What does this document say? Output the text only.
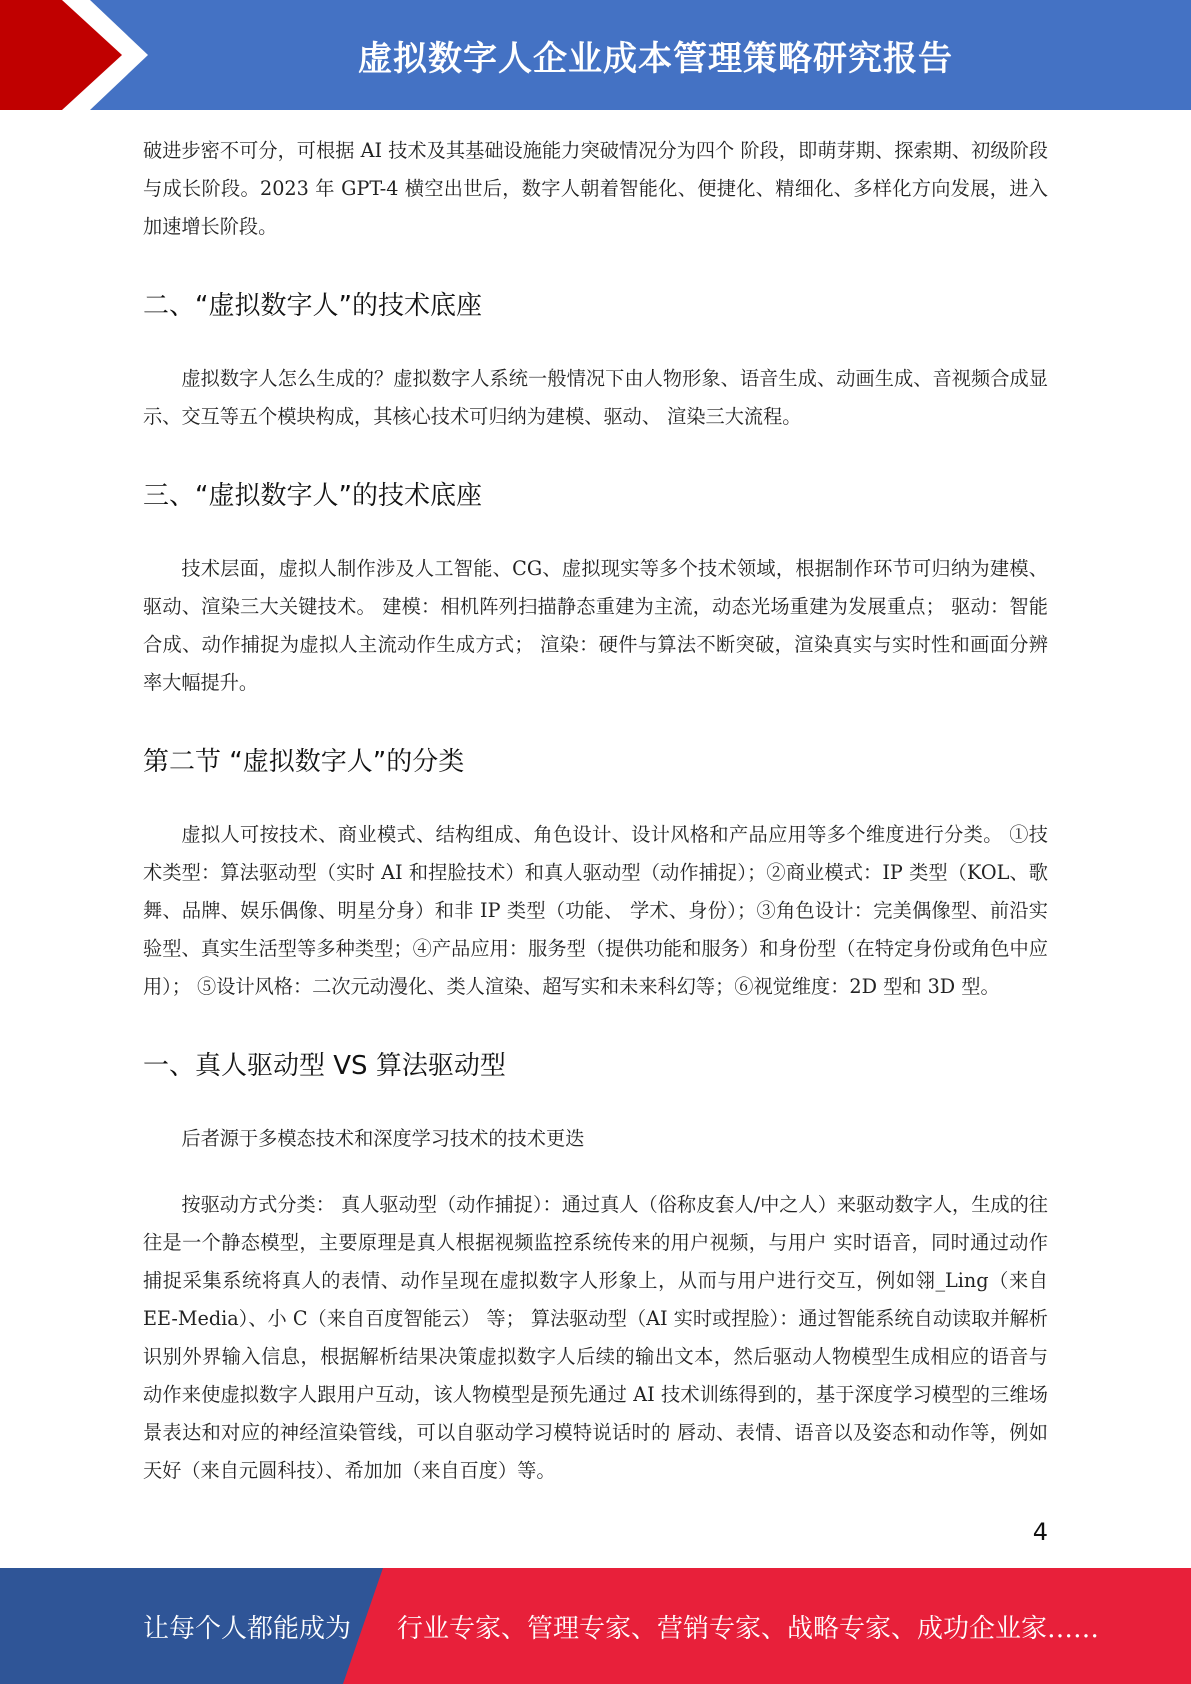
虚拟数字人企业成本管理策略研究报告

破进步密不可分，可根据 AI 技术及其基础设施能力突破情况分为四个 阶段，即萌芽期、探索期、初级阶段与成长阶段。2023 年 GPT-4 横空出世后，数字人朝着智能化、便捷化、精细化、多样化方向发展，进入加速增长阶段。

二、“虚拟数字人”的技术底座

虚拟数字人怎么生成的？虚拟数字人系统一般情况下由人物形象、语音生成、动画生成、音视频合成显示、交互等五个模块构成，其核心技术可归纳为建模、驱动、 渲染三大流程。

三、“虚拟数字人”的技术底座

技术层面，虚拟人制作涉及人工智能、CG、虚拟现实等多个技术领域，根据制作环节可归纳为建模、驱动、渲染三大关键技术。 建模：相机阵列扫描静态重建为主流，动态光场重建为发展重点； 驱动：智能合成、动作捕捉为虚拟人主流动作生成方式； 渲染：硬件与算法不断突破，渲染真实与实时性和画面分辨率大幅提升。

第二节 “虚拟数字人”的分类

虚拟人可按技术、商业模式、结构组成、角色设计、设计风格和产品应用等多个维度进行分类。 ①技术类型：算法驱动型（实时 AI 和捏脸技术）和真人驱动型（动作捕捉）；②商业模式：IP 类型（KOL、歌舞、品牌、娱乐偶像、明星分身）和非 IP 类型（功能、 学术、身份）；③角色设计：完美偶像型、前沿实验型、真实生活型等多种类型；④产品应用：服务型（提供功能和服务）和身份型（在特定身份或角色中应用）； ⑤设计风格：二次元动漫化、类人渲染、超写实和未来科幻等；⑥视觉维度：2D 型和 3D 型。

一、真人驱动型 VS 算法驱动型

后者源于多模态技术和深度学习技术的技术更迭

按驱动方式分类： 真人驱动型（动作捕捉）：通过真人（俗称皮套人/中之人）来驱动数字人，生成的往往是一个静态模型，主要原理是真人根据视频监控系统传来的用户视频，与用户 实时语音，同时通过动作捕捉采集系统将真人的表情、动作呈现在虚拟数字人形象上，从而与用户进行交互，例如翎_Ling（来自 EE-Media）、小 C（来自百度智能云） 等； 算法驱动型（AI 实时或捏脸）：通过智能系统自动读取并解析识别外界输入信息，根据解析结果决策虚拟数字人后续的输出文本，然后驱动人物模型生成相应的语音与 动作来使虚拟数字人跟用户互动，该人物模型是预先通过 AI 技术训练得到的，基于深度学习模型的三维场景表达和对应的神经渲染管线，可以自驱动学习模特说话时的 唇动、表情、语音以及姿态和动作等，例如天好（来自元圆科技）、希加加（来自百度）等。

4
让每个人都能成为 行业专家、管理专家、营销专家、战略专家、成功企业家……
